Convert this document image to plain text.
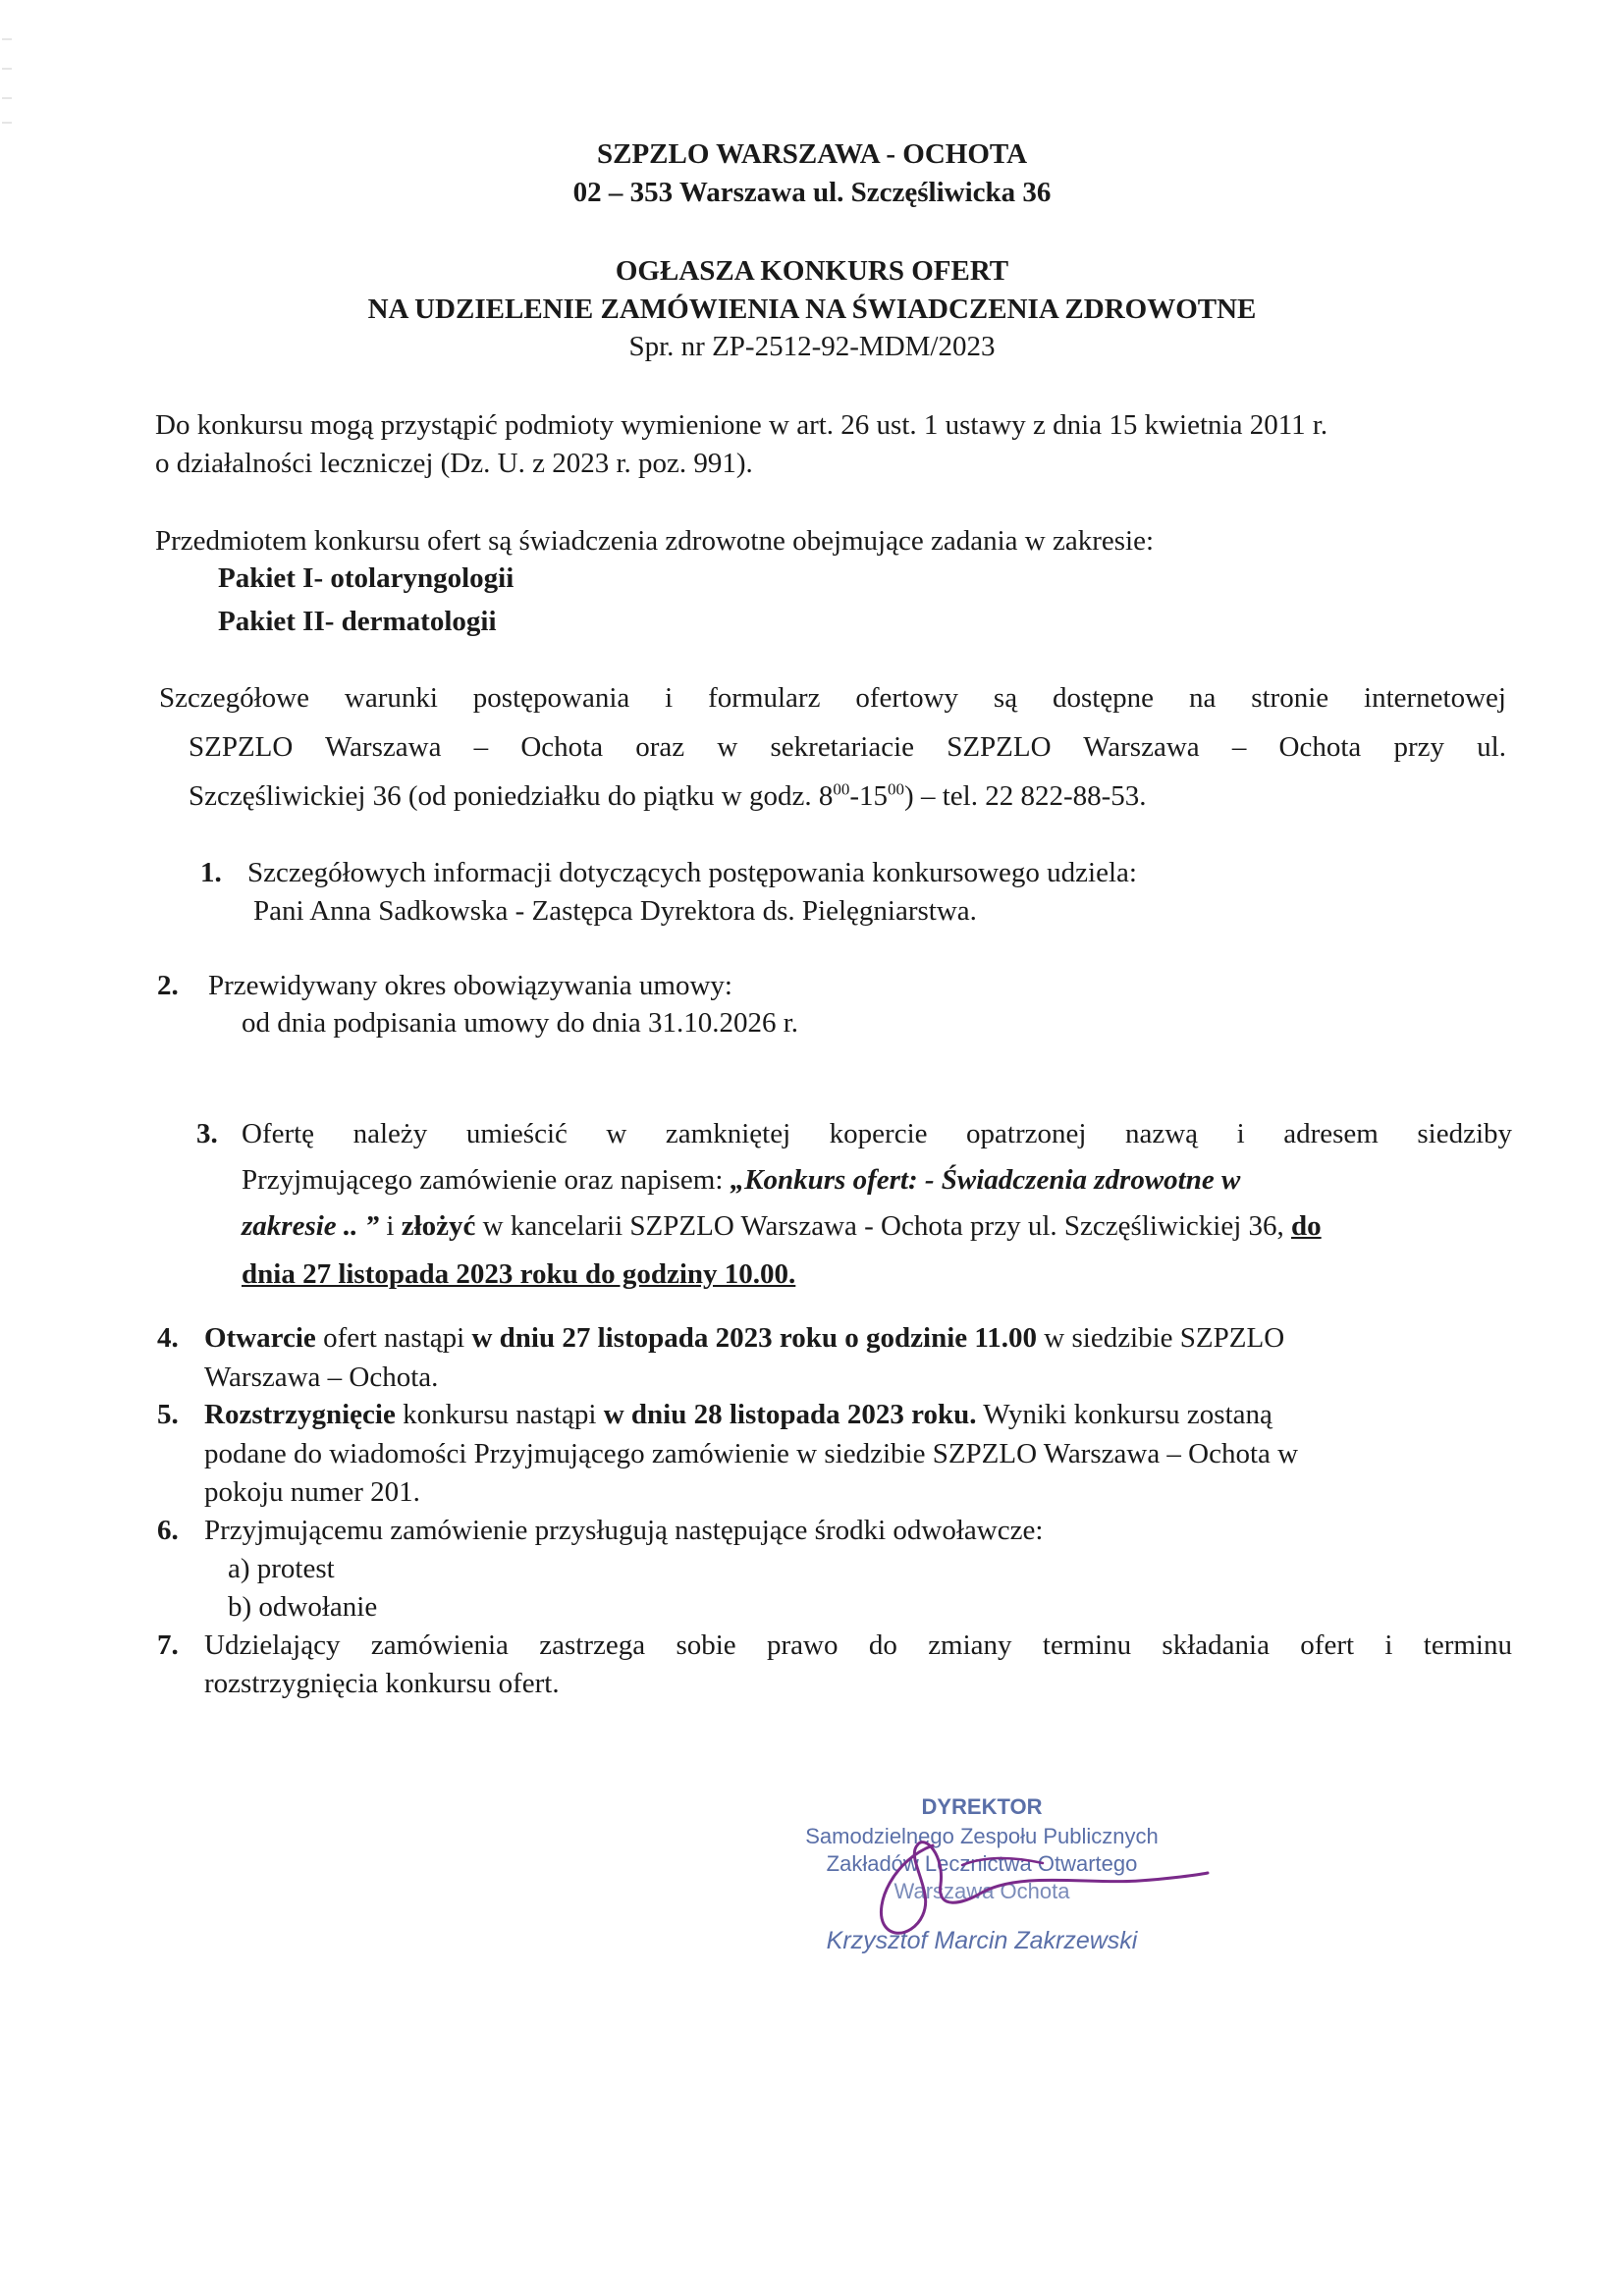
SZPZLO WARSZAWA - OCHOTA
02 – 353 Warszawa ul. Szczęśliwicka 36
OGŁASZA KONKURS OFERT
NA UDZIELENIE ZAMÓWIENIA NA ŚWIADCZENIA ZDROWOTNE
Spr. nr ZP-2512-92-MDM/2023
Do konkursu mogą przystąpić podmioty wymienione w art. 26 ust. 1 ustawy z dnia 15 kwietnia 2011 r.
o działalności leczniczej (Dz. U. z 2023 r. poz. 991).
Przedmiotem konkursu ofert są świadczenia zdrowotne obejmujące zadania w zakresie:
Pakiet I- otolaryngologii
Pakiet II- dermatologii
Szczegółowe warunki postępowania i formularz ofertowy są dostępne na stronie internetowej
SZPZLO Warszawa – Ochota oraz w sekretariacie SZPZLO Warszawa – Ochota przy ul.
Szczęśliwickiej 36 (od poniedziałku do piątku w godz. $8^{00}-15^{00}$) – tel. 22 822-88-53.
1. Szczegółowych informacji dotyczących postępowania konkursowego udziela:
Pani Anna Sadkowska - Zastępca Dyrektora ds. Pielęgniarstwa.
2. Przewidywany okres obowiązywania umowy:
od dnia podpisania umowy do dnia 31.10.2026 r.
3. Ofertę należy umieścić w zamkniętej kopercie opatrzonej nazwą i adresem siedziby
Przyjmującego zamówienie oraz napisem: „Konkurs ofert: - Świadczenia zdrowotne w
zakresie .. ” i złożyć w kancelarii SZPZLO Warszawa - Ochota przy ul. Szczęśliwickiej 36, do
dnia 27 listopada 2023 roku do godziny 10.00.
4. Otwarcie ofert nastąpi w dniu 27 listopada 2023 roku o godzinie 11.00 w siedzibie SZPZLO
Warszawa – Ochota.
5. Rozstrzygnięcie konkursu nastąpi w dniu 28 listopada 2023 roku. Wyniki konkursu zostaną
podane do wiadomości Przyjmującego zamówienie w siedzibie SZPZLO Warszawa – Ochota w
pokoju numer 201.
6. Przyjmującemu zamówienie przysługują następujące środki odwoławcze:
a) protest
b) odwołanie
7. Udzielający zamówienia zastrzega sobie prawo do zmiany terminu składania ofert i terminu
rozstrzygnięcia konkursu ofert.
DYREKTOR
Samodzielnego Zespołu Publicznych
Zakładów Lecznictwa Otwartego
Warszawa Ochota
Krzysztof Marcin Zakrzewski
